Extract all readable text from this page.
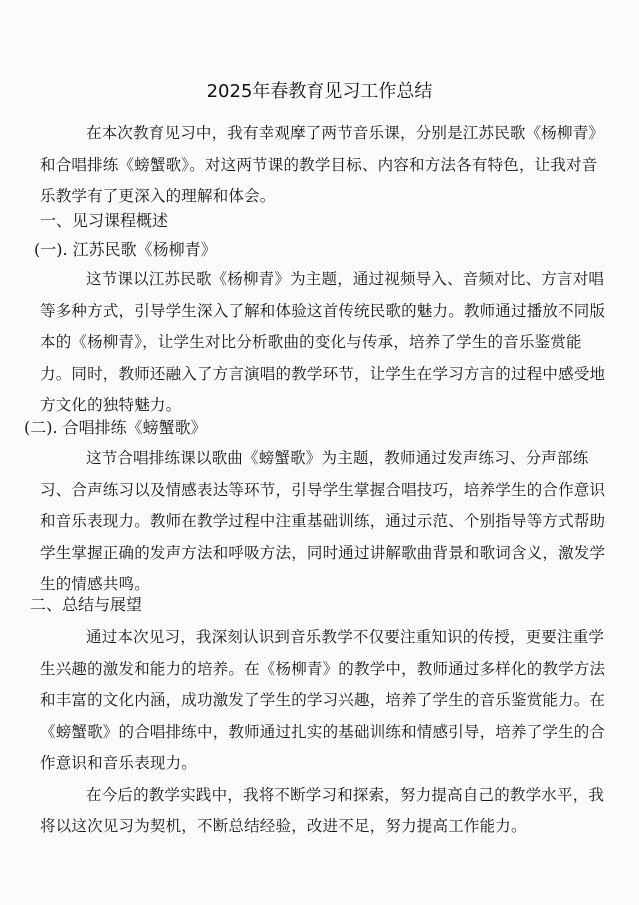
2025年春教育见习工作总结

在本次教育见习中，我有幸观摩了两节音乐课，分别是江苏民歌《杨柳青》和合唱排练《螃蟹歌》。对这两节课的教学目标、内容和方法各有特色，让我对音乐教学有了更深入的理解和体会。

一、见习课程概述
(一). 江苏民歌《杨柳青》

这节课以江苏民歌《杨柳青》为主题，通过视频导入、音频对比、方言对唱等多种方式，引导学生深入了解和体验这首传统民歌的魅力。教师通过播放不同版本的《杨柳青》，让学生对比分析歌曲的变化与传承，培养了学生的音乐鉴赏能力。同时，教师还融入了方言演唱的教学环节，让学生在学习方言的过程中感受地方文化的独特魅力。

(二). 合唱排练《螃蟹歌》

这节合唱排练课以歌曲《螃蟹歌》为主题，教师通过发声练习、分声部练习、合声练习以及情感表达等环节，引导学生掌握合唱技巧，培养学生的合作意识和音乐表现力。教师在教学过程中注重基础训练，通过示范、个别指导等方式帮助学生掌握正确的发声方法和呼吸方法，同时通过讲解歌曲背景和歌词含义，激发学生的情感共鸣。

二、总结与展望

通过本次见习，我深刻认识到音乐教学不仅要注重知识的传授，更要注重学生兴趣的激发和能力的培养。在《杨柳青》的教学中，教师通过多样化的教学方法和丰富的文化内涵，成功激发了学生的学习兴趣，培养了学生的音乐鉴赏能力。在《螃蟹歌》的合唱排练中，教师通过扎实的基础训练和情感引导，培养了学生的合作意识和音乐表现力。

在今后的教学实践中，我将不断学习和探索，努力提高自己的教学水平，我将以这次见习为契机，不断总结经验，改进不足，努力提高工作能力。
